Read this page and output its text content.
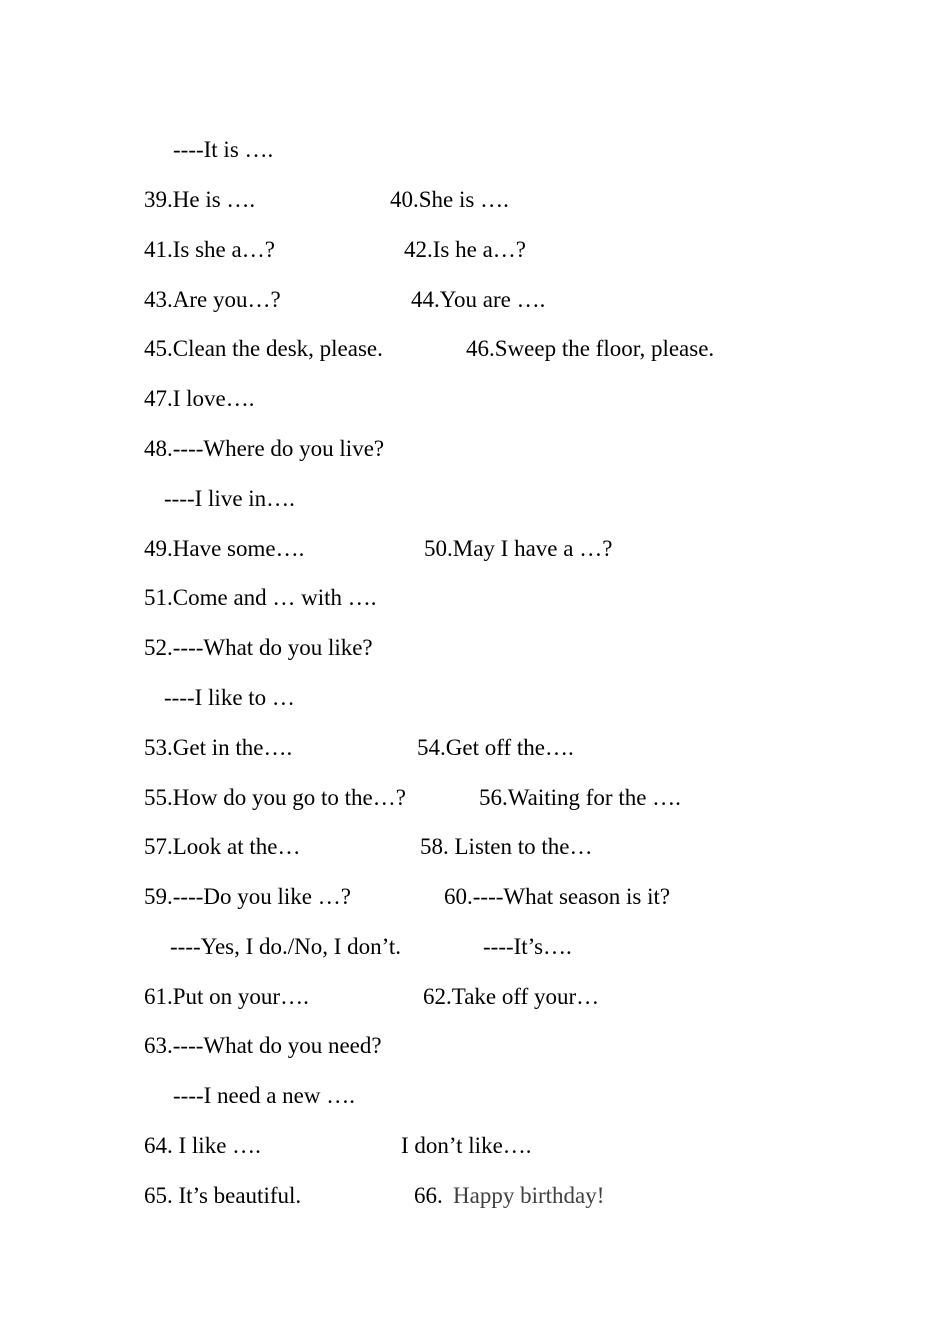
----It is ….
39.He is ….	40.She is ….
41.Is she a…?	42.Is he a…?
43.Are you…?	44.You are ….
45.Clean the desk, please.	46.Sweep the floor, please.
47.I love….
48.----Where do you live?
----I live in….
49.Have some….	50.May I have a …?
51.Come and … with ….
52.----What do you like?
----I like to …
53.Get in the….	54.Get off the….
55.How do you go to the…?	56.Waiting for the ….
57.Look at the…	58. Listen to the…
59.----Do you like …?	60.----What season is it?
----Yes, I do./No, I don’t.	----It’s….
61.Put on your….	62.Take off your…
63.----What do you need?
----I need a new ….
64. I like ….	I don’t like….
65. It’s beautiful.	66. Happy birthday!
